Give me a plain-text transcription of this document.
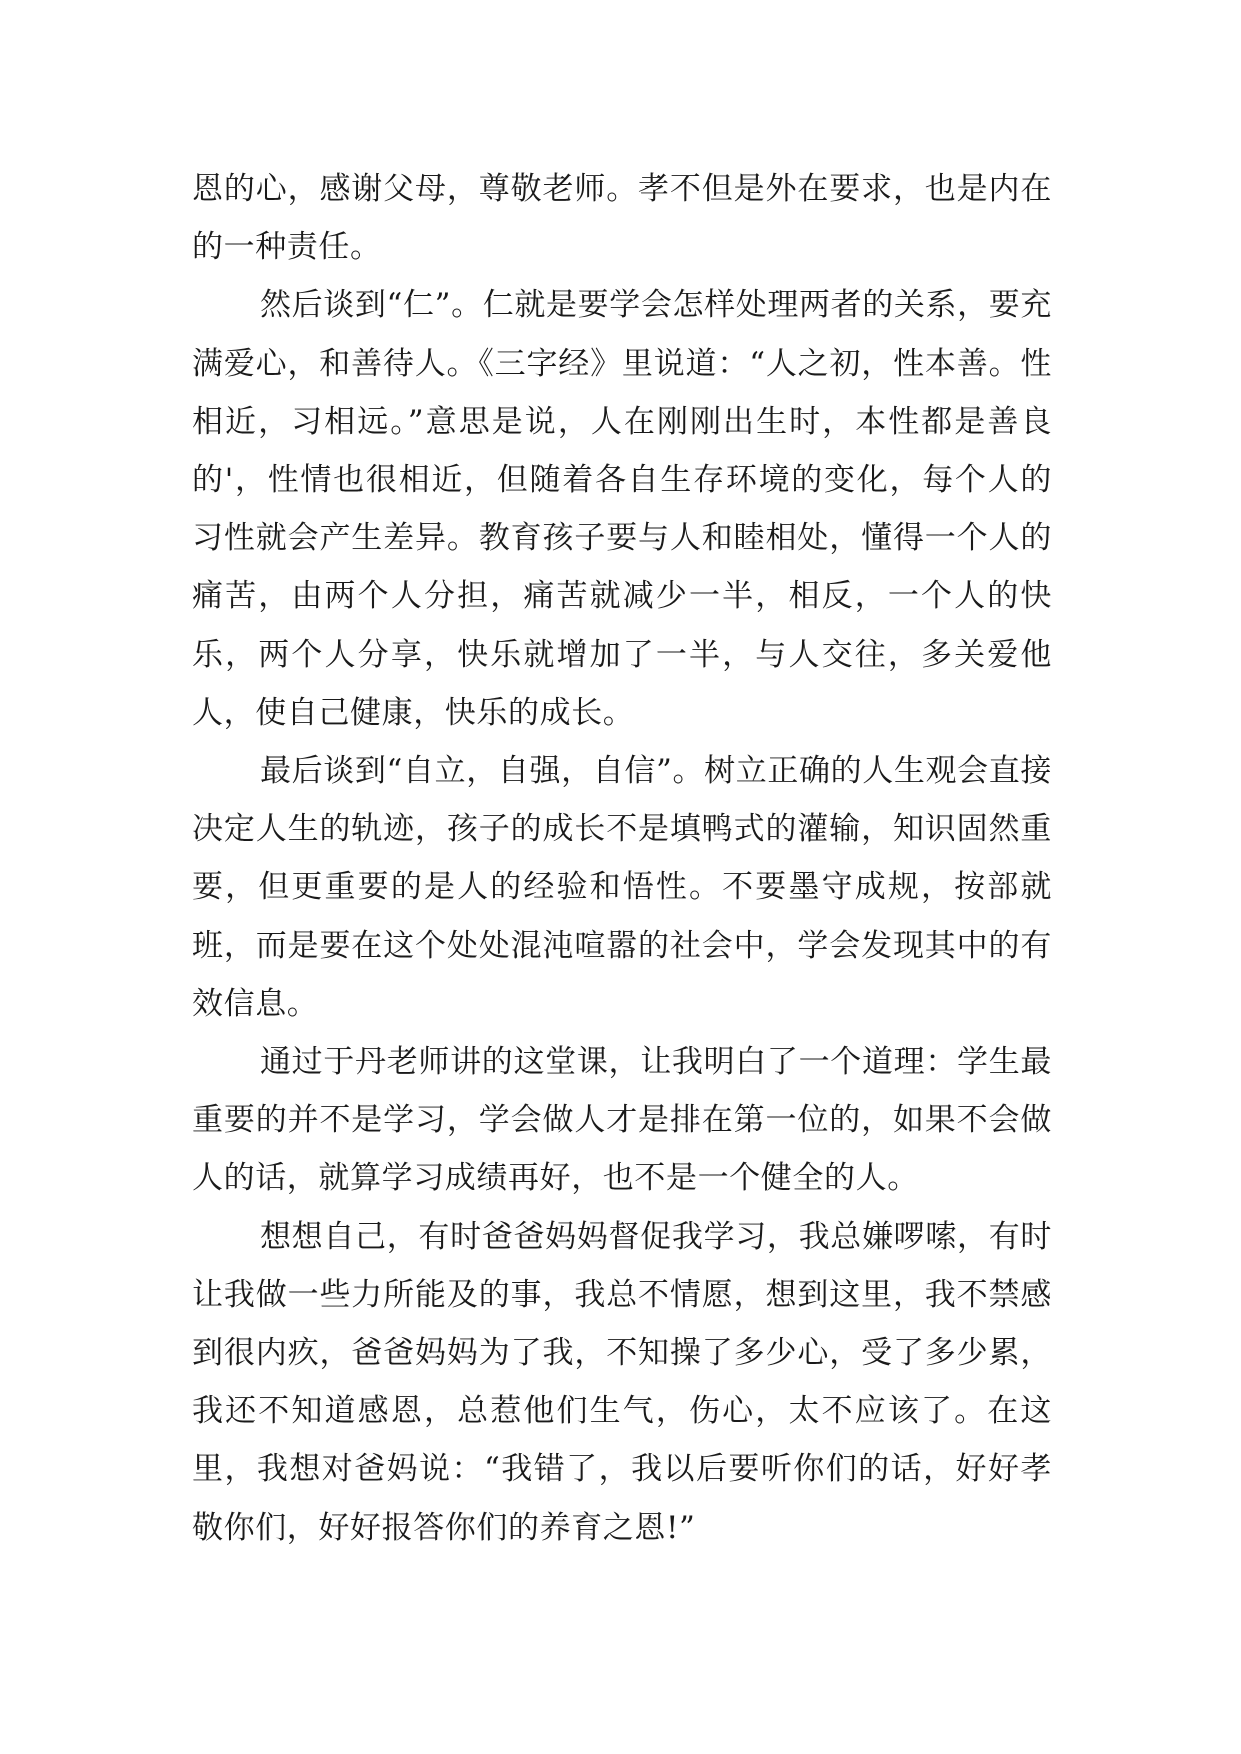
恩的心，感谢父母，尊敬老师。孝不但是外在要求，也是内在的一种责任。

然后谈到“仁”。仁就是要学会怎样处理两者的关系，要充满爱心，和善待人。《三字经》里说道：“人之初，性本善。性相近，习相远。”意思是说，人在刚刚出生时，本性都是善良的'，性情也很相近，但随着各自生存环境的变化，每个人的习性就会产生差异。教育孩子要与人和睦相处，懂得一个人的痛苦，由两个人分担，痛苦就减少一半，相反，一个人的快乐，两个人分享，快乐就增加了一半，与人交往，多关爱他人，使自己健康，快乐的成长。

最后谈到“自立，自强，自信”。树立正确的人生观会直接决定人生的轨迹，孩子的成长不是填鸭式的灌输，知识固然重要，但更重要的是人的经验和悟性。不要墨守成规，按部就班，而是要在这个处处混沌喧嚣的社会中，学会发现其中的有效信息。

通过于丹老师讲的这堂课，让我明白了一个道理：学生最重要的并不是学习，学会做人才是排在第一位的，如果不会做人的话，就算学习成绩再好，也不是一个健全的人。

想想自己，有时爸爸妈妈督促我学习，我总嫌啰嗦，有时让我做一些力所能及的事，我总不情愿，想到这里，我不禁感到很内疚，爸爸妈妈为了我，不知操了多少心，受了多少累，我还不知道感恩，总惹他们生气，伤心，太不应该了。在这里，我想对爸妈说：“我错了，我以后要听你们的话，好好孝敬你们，好好报答你们的养育之恩!”
